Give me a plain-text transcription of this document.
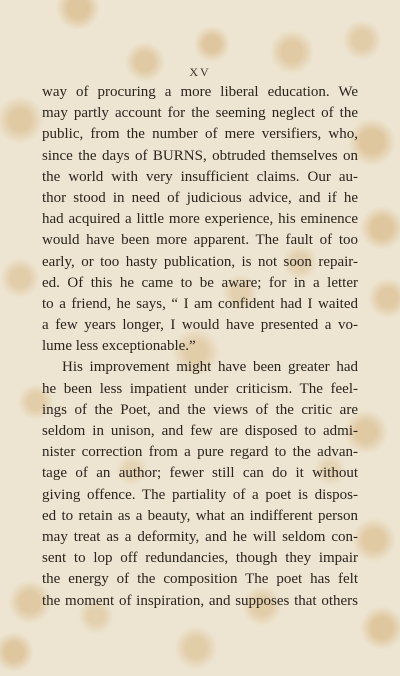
XV
way of procuring a more liberal education. We
may partly account for the seeming neglect of the
public, from the number of mere versifiers, who,
since the days of BURNS, obtruded themselves on
the world with very insufficient claims. Our au-
thor stood in need of judicious advice, and if he
had acquired a little more experience, his eminence
would have been more apparent. The fault of too
early, or too hasty publication, is not soon repair-
ed. Of this he came to be aware; for in a letter
to a friend, he says, “ I am confident had I waited
a few years longer, I would have presented a vo-
lume less exceptionable.”
His improvement might have been greater had
he been less impatient under criticism. The feel-
ings of the Poet, and the views of the critic are
seldom in unison, and few are disposed to admi-
nister correction from a pure regard to the advan-
tage of an author; fewer still can do it without
giving offence. The partiality of a poet is dispos-
ed to retain as a beauty, what an indifferent person
may treat as a deformity, and he will seldom con-
sent to lop off redundancies, though they impair
the energy of the composition The poet has felt
the moment of inspiration, and supposes that others
